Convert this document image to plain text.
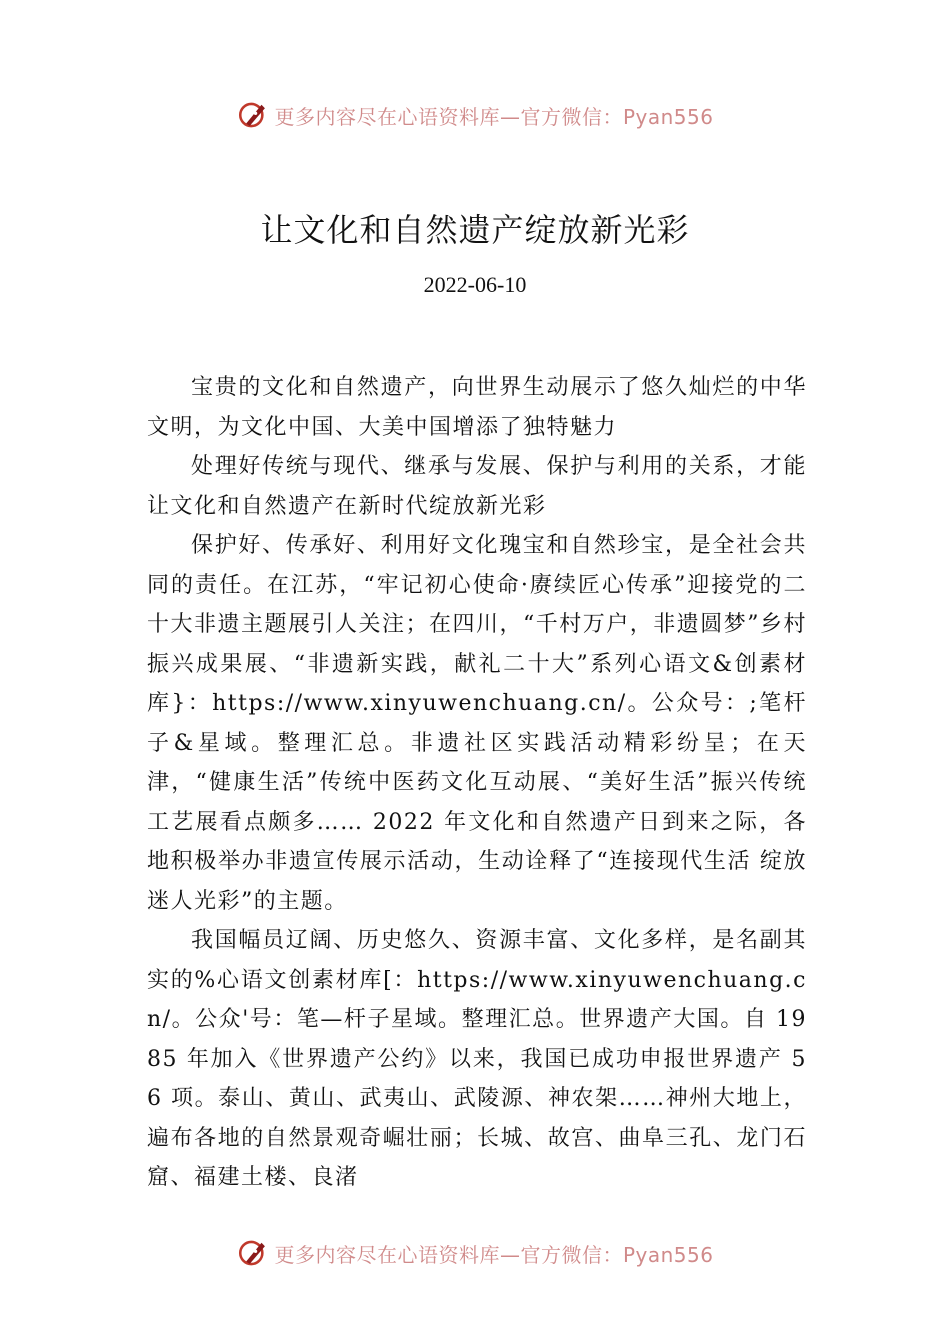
更多内容尽在心语资料库—官方微信：Pyan556
让文化和自然遗产绽放新光彩
2022-06-10

宝贵的文化和自然遗产，向世界生动展示了悠久灿烂的中华文明，为文化中国、大美中国增添了独特魅力

处理好传统与现代、继承与发展、保护与利用的关系，才能让文化和自然遗产在新时代绽放新光彩

保护好、传承好、利用好文化瑰宝和自然珍宝，是全社会共同的责任。在江苏，“牢记初心使命·赓续匠心传承”迎接党的二十大非遗主题展引人关注；在四川，“千村万户，非遗圆梦”乡村振兴成果展、“非遗新实践，献礼二十大”系列心语文&创素材库}：https://www.xinyuwenchuang.cn/。公众号：;笔杆子&星域。整理汇总。非遗社区实践活动精彩纷呈；在天津，“健康生活”传统中医药文化互动展、“美好生活”振兴传统工艺展看点颇多…… 2022 年文化和自然遗产日到来之际，各地积极举办非遗宣传展示活动，生动诠释了“连接现代生活 绽放迷人光彩”的主题。

我国幅员辽阔、历史悠久、资源丰富、文化多样，是名副其实的%心语文创素材库[：https://www.xinyuwenchuang.cn/。公众'号：笔—杆子星域。整理汇总。世界遗产大国。自 1985 年加入《世界遗产公约》以来，我国已成功申报世界遗产 56 项。泰山、黄山、武夷山、武陵源、神农架……神州大地上，遍布各地的自然景观奇崛壮丽；长城、故宫、曲阜三孔、龙门石窟、福建土楼、良渚

更多内容尽在心语资料库—官方微信：Pyan556
